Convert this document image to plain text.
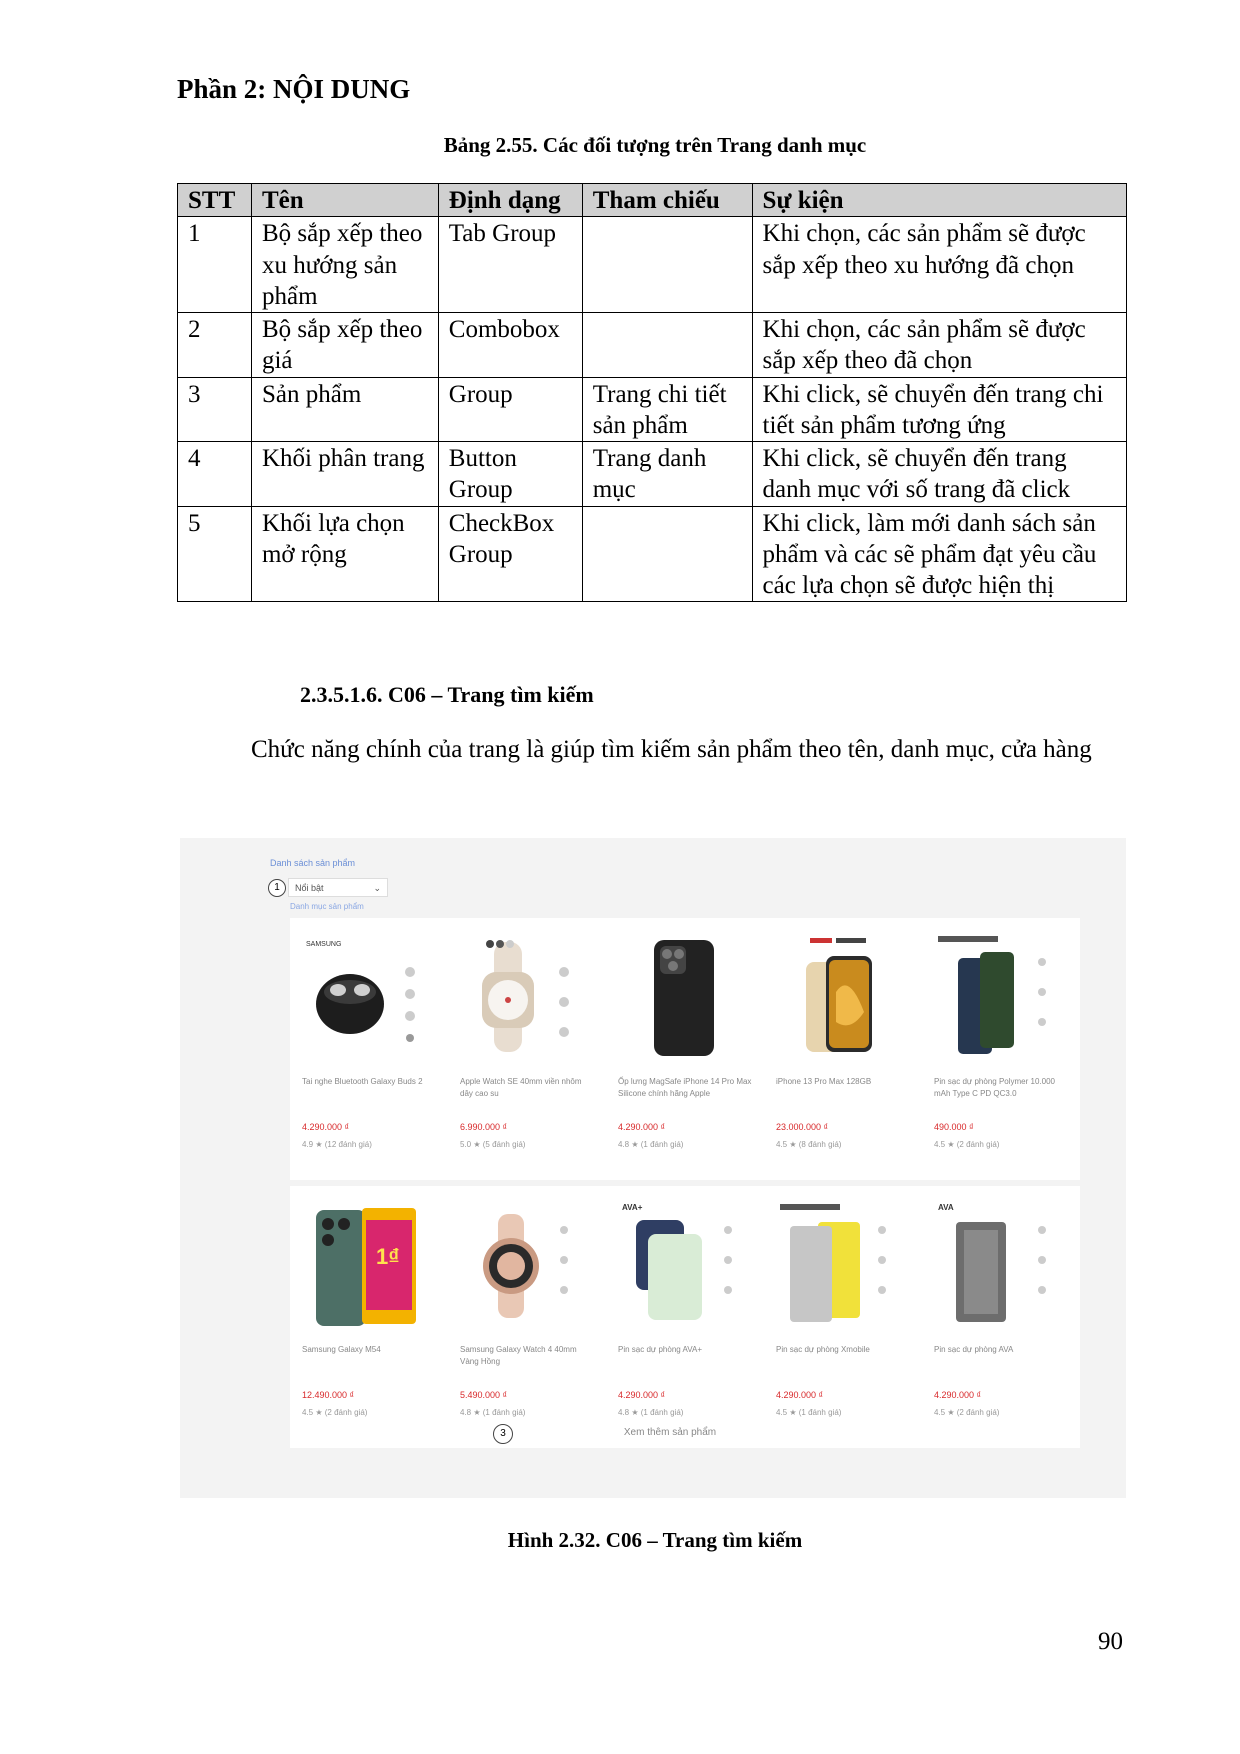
Phần 2: NỘI DUNG
Bảng 2.55. Các đối tượng trên Trang danh mục
STT	Tên	Định dạng	Tham chiếu	Sự kiện
1	Bộ sắp xếp theo xu hướng sản phẩm	Tab Group		Khi chọn, các sản phẩm sẽ được sắp xếp theo xu hướng đã chọn
2	Bộ sắp xếp theo giá	Combobox		Khi chọn, các sản phẩm sẽ được sắp xếp theo đã chọn
3	Sản phẩm	Group	Trang chi tiết sản phẩm	Khi click, sẽ chuyển đến trang chi tiết sản phẩm tương ứng
4	Khối phân trang	Button Group	Trang danh mục	Khi click, sẽ chuyển đến trang danh mục với số trang đã click
5	Khối lựa chọn mở rộng	CheckBox Group		Khi click, làm mới danh sách sản phẩm và các sẽ phẩm đạt yêu cầu các lựa chọn sẽ được hiện thị
2.3.5.1.6. C06 – Trang tìm kiếm

Chức năng chính của trang là giúp tìm kiếm sản phẩm theo tên, danh mục, cửa hàng

Danh sách sản phẩm
1	Nổi bật	⌄
Danh mục sản phẩm
SAMSUNG
Tai nghe Bluetooth Galaxy Buds 2
4.290.000 ₫
4.9 ★ (12 đánh giá)
Apple Watch SE 40mm viền nhôm dây cao su
6.990.000 ₫
5.0 ★ (5 đánh giá)
Ốp lưng MagSafe iPhone 14 Pro Max Silicone chính hãng Apple
4.290.000 ₫
4.8 ★ (1 đánh giá)
iPhone 13 Pro Max 128GB
23.000.000 ₫
4.5 ★ (8 đánh giá)
Pin sạc dự phòng Polymer 10.000 mAh Type C PD QC3.0
490.000 ₫
4.5 ★ (2 đánh giá)
1₫
Samsung Galaxy M54
12.490.000 ₫
4.5 ★ (2 đánh giá)
Samsung Galaxy Watch 4 40mm Vàng Hồng
5.490.000 ₫
4.8 ★ (1 đánh giá)
AVA+
Pin sạc dự phòng AVA+
4.290.000 ₫
4.8 ★ (1 đánh giá)
Pin sạc dự phòng Xmobile
4.290.000 ₫
4.5 ★ (1 đánh giá)
AVA
Pin sạc dự phòng AVA
4.290.000 ₫
4.5 ★ (2 đánh giá)
3	Xem thêm sản phẩm
Hình 2.32. C06 – Trang tìm kiếm
90
